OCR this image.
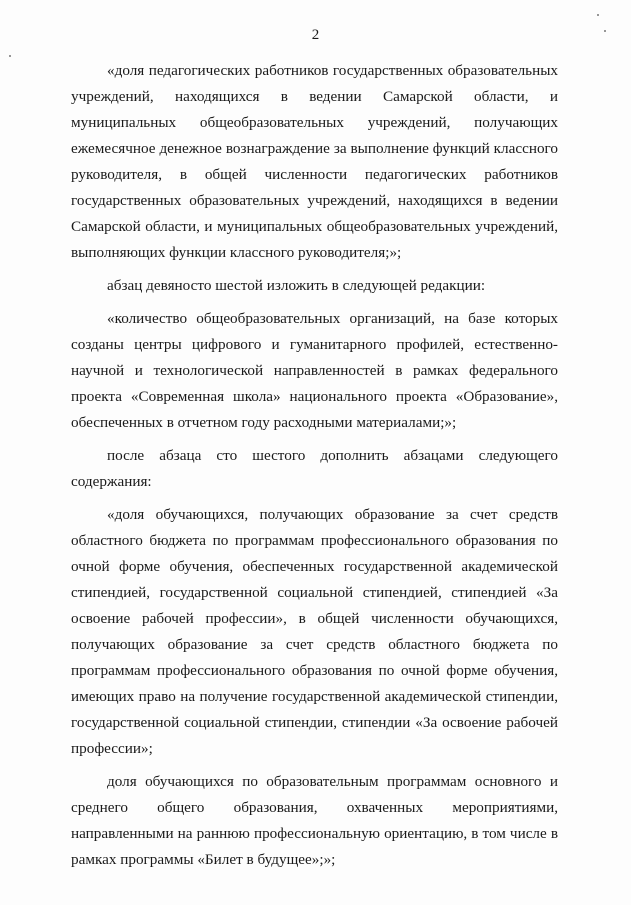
2

«доля педагогических работников государственных образовательных учреждений, находящихся в ведении Самарской области, и муниципальных общеобразовательных учреждений, получающих ежемесячное денежное вознаграждение за выполнение функций классного руководителя, в общей численности педагогических работников государственных образовательных учреждений, находящихся в ведении Самарской области, и муниципальных общеобразовательных учреждений, выполняющих функции классного руководителя;»;

абзац девяносто шестой изложить в следующей редакции:

«количество общеобразовательных организаций, на базе которых созданы центры цифрового и гуманитарного профилей, естественно-научной и технологической направленностей в рамках федерального проекта «Современная школа» национального проекта «Образование», обеспеченных в отчетном году расходными материалами;»;

после абзаца сто шестого дополнить абзацами следующего содержания:

«доля обучающихся, получающих образование за счет средств областного бюджета по программам профессионального образования по очной форме обучения, обеспеченных государственной академической стипендией, государственной социальной стипендией, стипендией «За освоение рабочей профессии», в общей численности обучающихся, получающих образование за счет средств областного бюджета по программам профессионального образования по очной форме обучения, имеющих право на получение государственной академической стипендии, государственной социальной стипендии, стипендии «За освоение рабочей профессии»;

доля обучающихся по образовательным программам основного и среднего общего образования, охваченных мероприятиями, направленными на раннюю профессиональную ориентацию, в том числе в рамках программы «Билет в будущее»;»;
